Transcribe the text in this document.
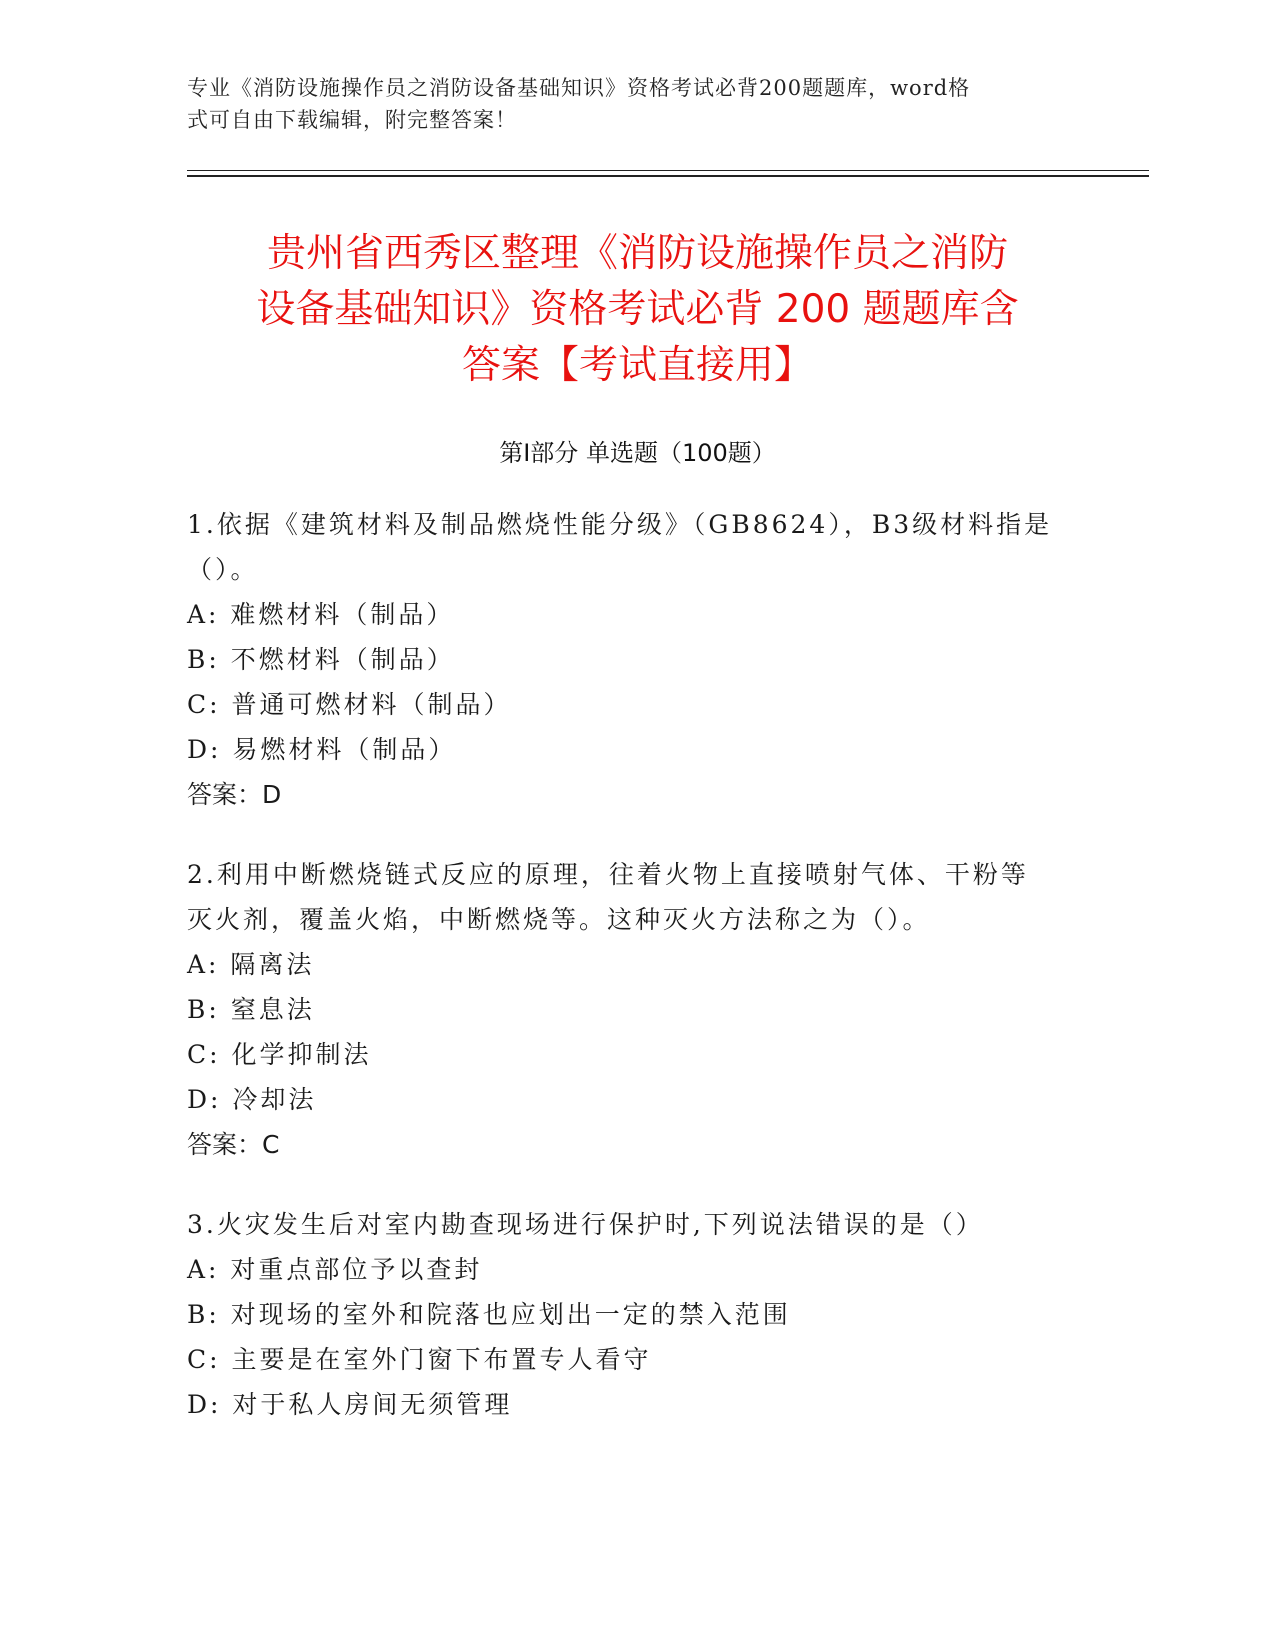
专业《消防设施操作员之消防设备基础知识》资格考试必背200题题库，word格
式可自由下载编辑，附完整答案！
贵州省西秀区整理《消防设施操作员之消防
设备基础知识》资格考试必背 200 题题库含
答案【考试直接用】
第Ⅰ部分 单选题（100题）

1.依据《建筑材料及制品燃烧性能分级》（GB8624），B3级材料指是

（）。

A: 难燃材料（制品）

B: 不燃材料（制品）

C: 普通可燃材料（制品）

D: 易燃材料（制品）

答案：D

2.利用中断燃烧链式反应的原理，往着火物上直接喷射气体、干粉等

灭火剂，覆盖火焰，中断燃烧等。这种灭火方法称之为（）。

A: 隔离法

B: 窒息法

C: 化学抑制法

D: 冷却法

答案：C

3.火灾发生后对室内勘查现场进行保护时,下列说法错误的是（）

A: 对重点部位予以查封

B: 对现场的室外和院落也应划出一定的禁入范围

C: 主要是在室外门窗下布置专人看守

D: 对于私人房间无须管理
